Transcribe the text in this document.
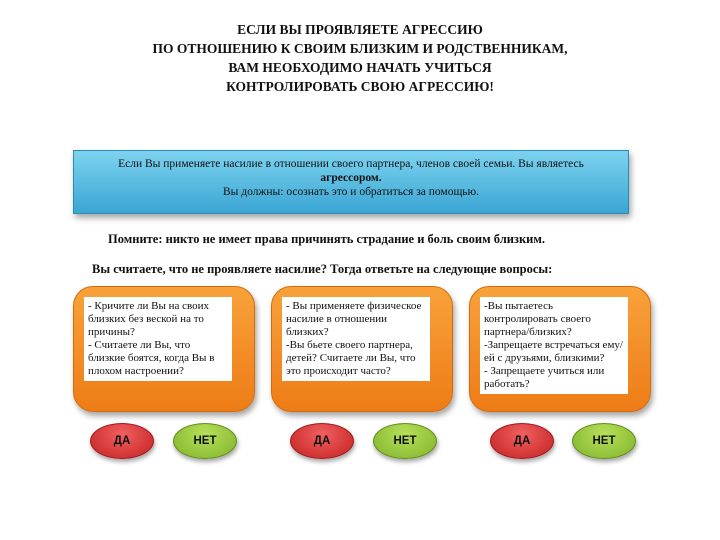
ЕСЛИ ВЫ ПРОЯВЛЯЕТЕ АГРЕССИЮ
ПО ОТНОШЕНИЮ К СВОИМ БЛИЗКИМ И РОДСТВЕННИКАМ,
ВАМ НЕОБХОДИМО НАЧАТЬ УЧИТЬСЯ
КОНТРОЛИРОВАТЬ СВОЮ АГРЕССИЮ!
Если Вы применяете насилие в отношении своего партнера, членов своей семьи. Вы являетесь
агрессором.
Вы должны: осознать это и обратиться за помощью.
Помните: никто не имеет права причинять страдание и боль своим близким.
Вы считаете, что не проявляете насилие? Тогда ответьте на следующие вопросы:
- Кричите ли Вы на своих близких без веской на то причины?
- Считаете ли Вы, что близкие боятся, когда Вы в плохом настроении?
- Вы применяете физическое насилие в отношении близких?
-Вы бьете своего партнера, детей? Считаете ли Вы, что это происходит часто?
-Вы пытаетесь контролировать своего партнера/близких?
-Запрещаете встречаться ему/ей с друзьями, близкими?
- Запрещаете учиться или работать?
ДА	НЕТ	ДА	НЕТ	ДА	НЕТ
